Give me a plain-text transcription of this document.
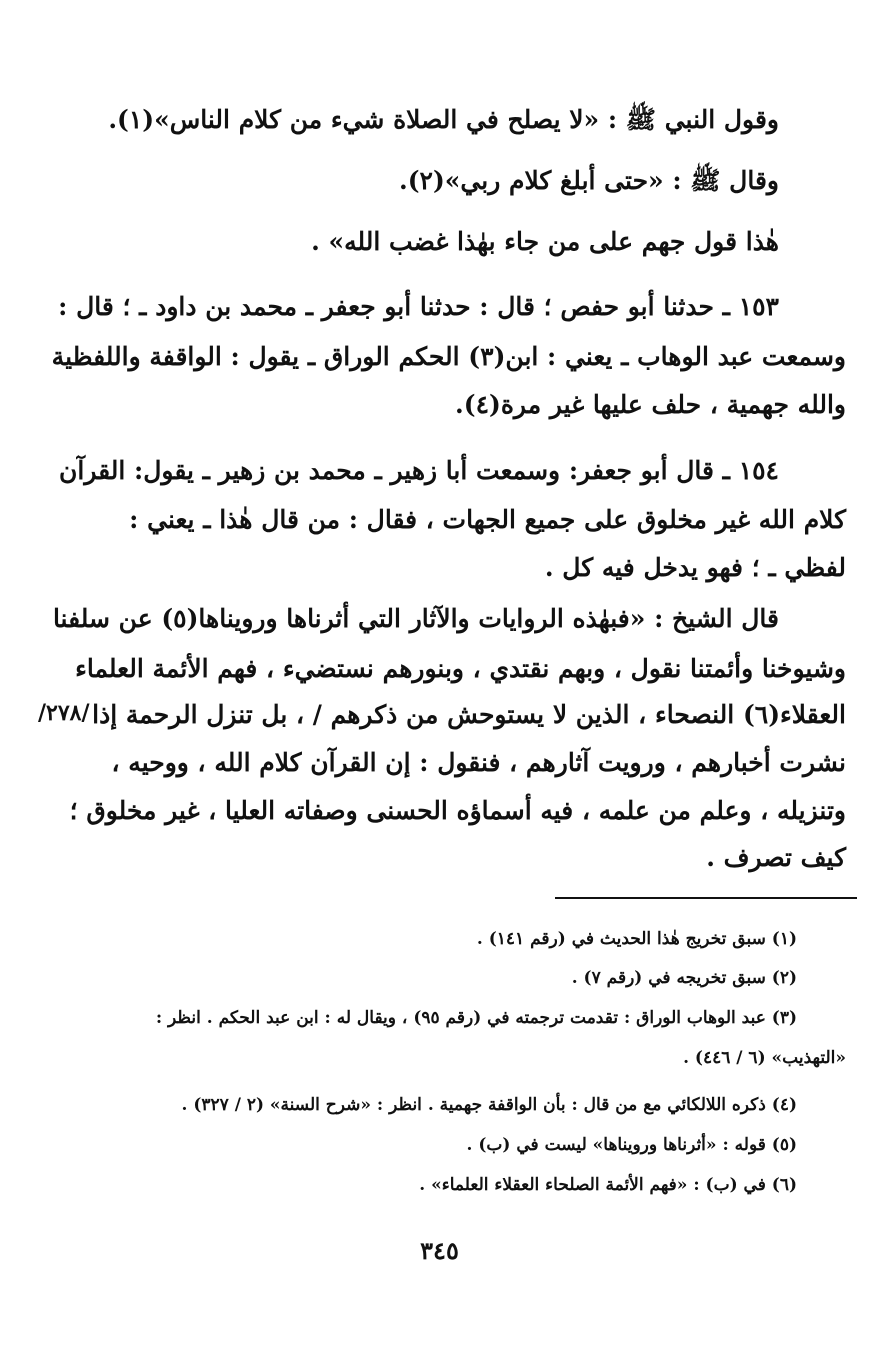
وقول النبي ﷺ : «لا يصلح في الصلاة شيء من كلام الناس»(١).
وقال ﷺ : «حتى أبلغ كلام ربي»(٢).
هٰذا قول جهم على من جاء بهٰذا غضب الله» .
١٥٣ ـ حدثنا أبو حفص ؛ قال : حدثنا أبو جعفر ـ محمد بن داود ـ ؛ قال :
وسمعت عبد الوهاب ـ يعني : ابن(٣) الحكم الوراق ـ يقول : الواقفة واللفظية
والله جهمية ، حلف عليها غير مرة(٤).
١٥٤ ـ قال أبو جعفر: وسمعت أبا زهير ـ محمد بن زهير ـ يقول: القرآن
كلام الله غير مخلوق على جميع الجهات ، فقال : من قال هٰذا ـ يعني :
لفظي ـ ؛ فهو يدخل فيه كل .
قال الشيخ : «فبهٰذه الروايات والآثار التي أثرناها ورويناها(٥) عن سلفنا
وشيوخنا وأئمتنا نقول ، وبهم نقتدي ، وبنورهم نستضيء ، فهم الأئمة العلماء
العقلاء(٦) النصحاء ، الذين لا يستوحش من ذكرهم / ، بل تنزل الرحمة إذا
نشرت أخبارهم ، ورويت آثارهم ، فنقول : إن القرآن كلام الله ، ووحيه ،
وتنزيله ، وعلم من علمه ، فيه أسماؤه الحسنى وصفاته العليا ، غير مخلوق ؛
كيف تصرف .
/٢٧٨/
(١) سبق تخريج هٰذا الحديث في (رقم ١٤١) .
(٢) سبق تخريجه في (رقم ٧) .
(٣) عبد الوهاب الوراق : تقدمت ترجمته في (رقم ٩٥) ، ويقال له : ابن عبد الحكم . انظر :
«التهذيب» (٦ / ٤٤٦) .
(٤) ذكره اللالكائي مع من قال : بأن الواقفة جهمية . انظر : «شرح السنة» (٢ / ٣٢٧) .
(٥) قوله : «أثرناها ورويناها» ليست في (ب) .
(٦) في (ب) : «فهم الأئمة الصلحاء العقلاء العلماء» .
٣٤٥
